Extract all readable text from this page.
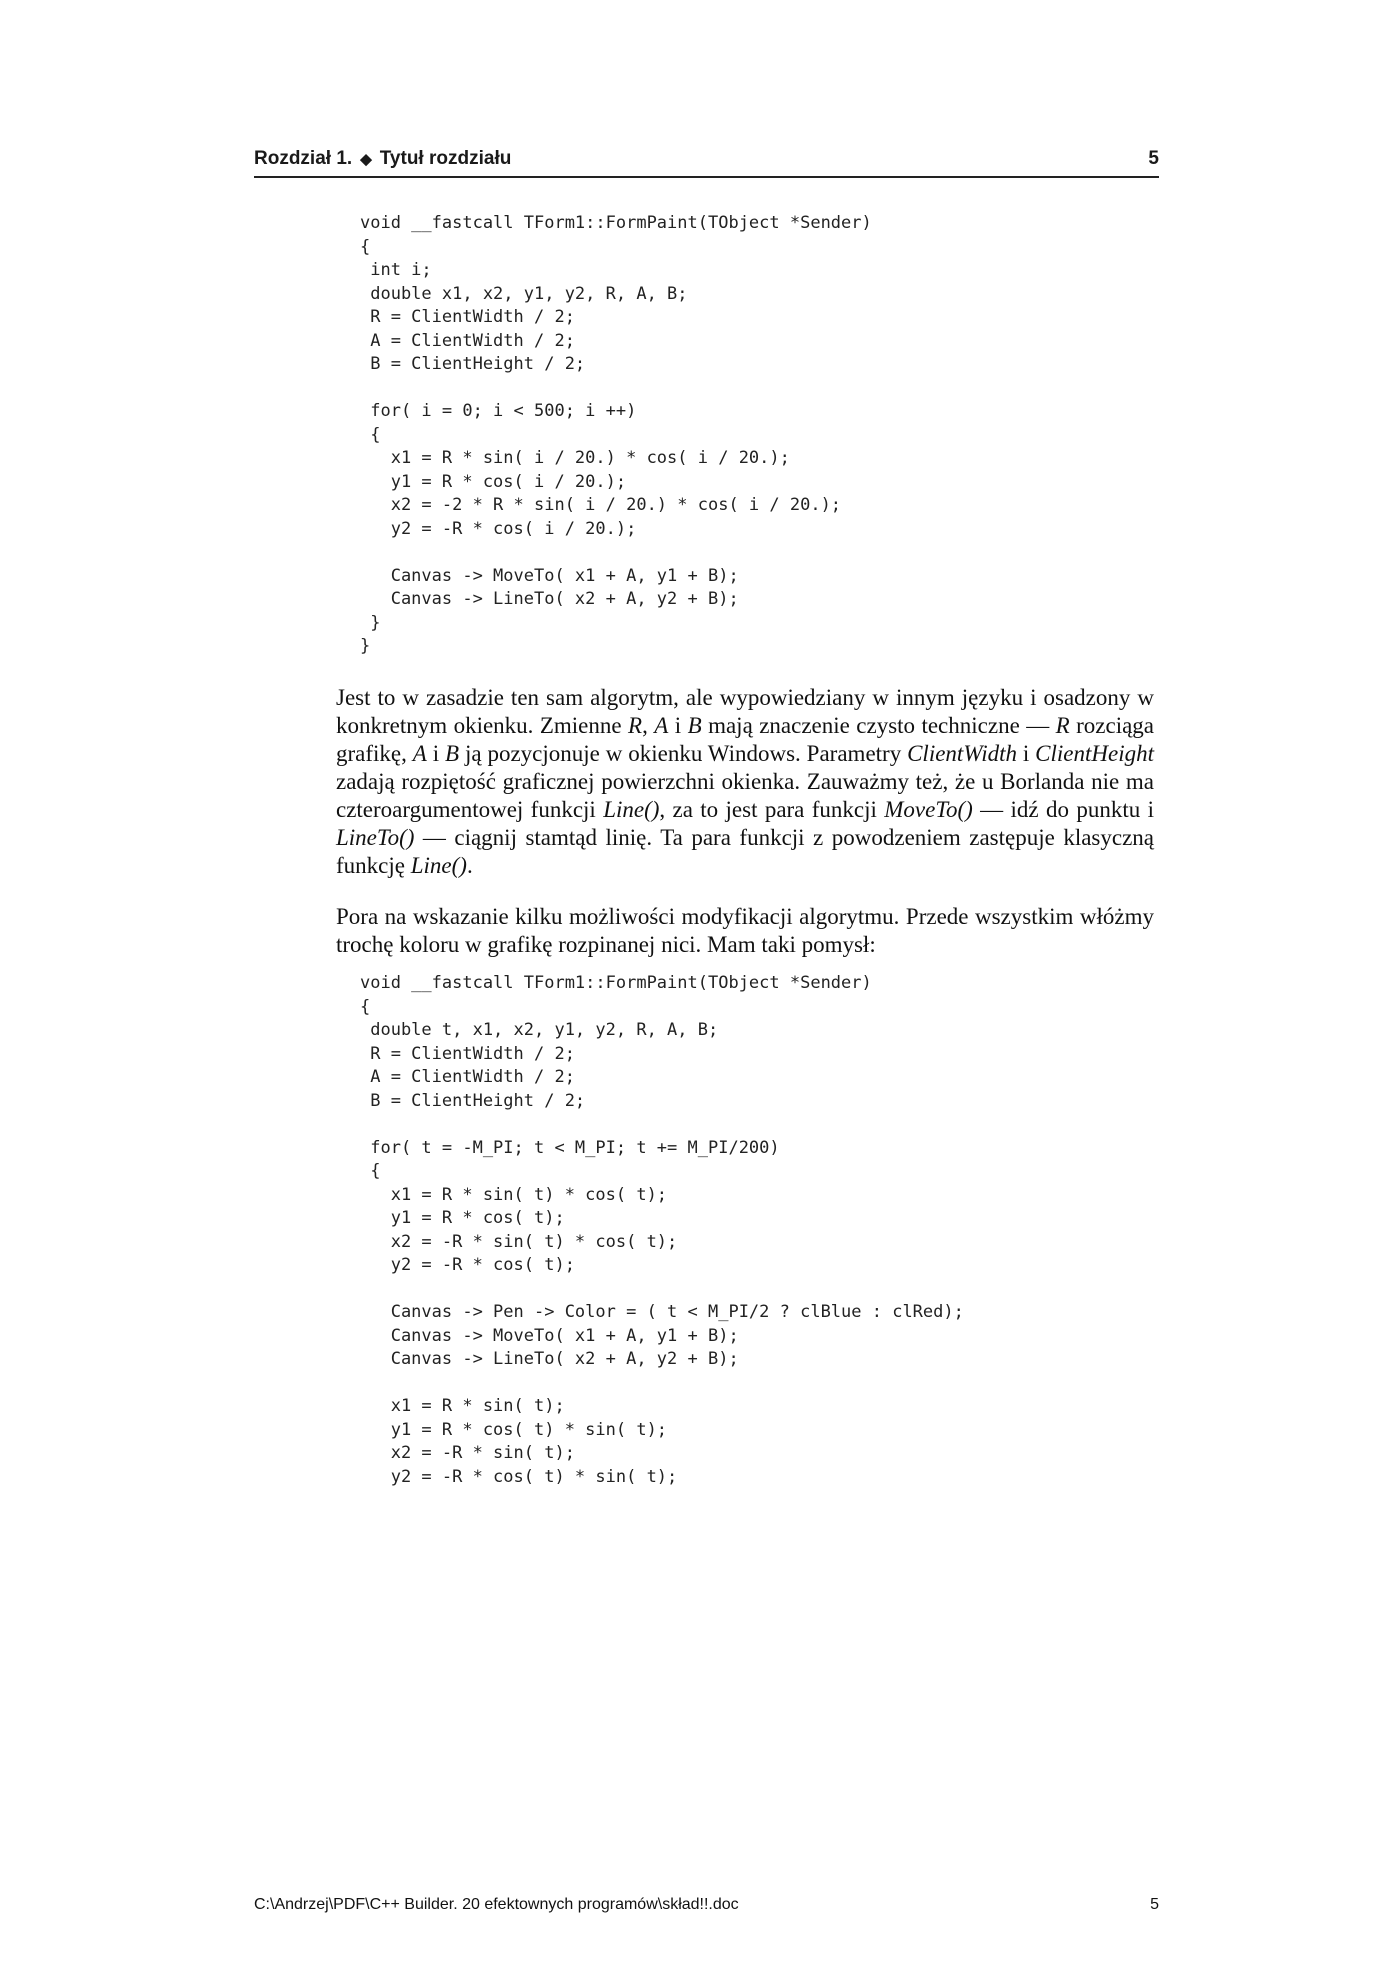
Rozdział 1. ◆ Tytuł rozdziału	5
void __fastcall TForm1::FormPaint(TObject *Sender)
{
int i;
double x1, x2, y1, y2, R, A, B;
R = ClientWidth / 2;
A = ClientWidth / 2;
B = ClientHeight / 2;

for( i = 0; i < 500; i ++)
{
x1 = R * sin( i / 20.) * cos( i / 20.);
y1 = R * cos( i / 20.);
x2 = -2 * R * sin( i / 20.) * cos( i / 20.);
y2 = -R * cos( i / 20.);

Canvas -> MoveTo( x1 + A, y1 + B);
Canvas -> LineTo( x2 + A, y2 + B);
}
}

Jest to w zasadzie ten sam algorytm, ale wypowiedziany w innym języku i osadzony w konkretnym okienku. Zmienne R, A i B mają znaczenie czysto techniczne — R rozciąga grafikę, A i B ją pozycjonuje w okienku Windows. Parametry ClientWidth i ClientHeight zadają rozpiętość graficznej powierzchni okienka. Zauważmy też, że u Borlanda nie ma czteroargumentowej funkcji Line(), za to jest para funkcji MoveTo() — idź do punktu i LineTo() — ciągnij stamtąd linię. Ta para funkcji z powodzeniem zastępuje klasyczną funkcję Line().

Pora na wskazanie kilku możliwości modyfikacji algorytmu. Przede wszystkim włóżmy trochę koloru w grafikę rozpinanej nici. Mam taki pomysł:

void __fastcall TForm1::FormPaint(TObject *Sender)
{
double t, x1, x2, y1, y2, R, A, B;
R = ClientWidth / 2;
A = ClientWidth / 2;
B = ClientHeight / 2;

for( t = -M_PI; t < M_PI; t += M_PI/200)
{
x1 = R * sin( t) * cos( t);
y1 = R * cos( t);
x2 = -R * sin( t) * cos( t);
y2 = -R * cos( t);

Canvas -> Pen -> Color = ( t < M_PI/2 ? clBlue : clRed);
Canvas -> MoveTo( x1 + A, y1 + B);
Canvas -> LineTo( x2 + A, y2 + B);

x1 = R * sin( t);
y1 = R * cos( t) * sin( t);
x2 = -R * sin( t);
y2 = -R * cos( t) * sin( t);

C:\Andrzej\PDF\C++ Builder. 20 efektownych programów\skład!!.doc	5
